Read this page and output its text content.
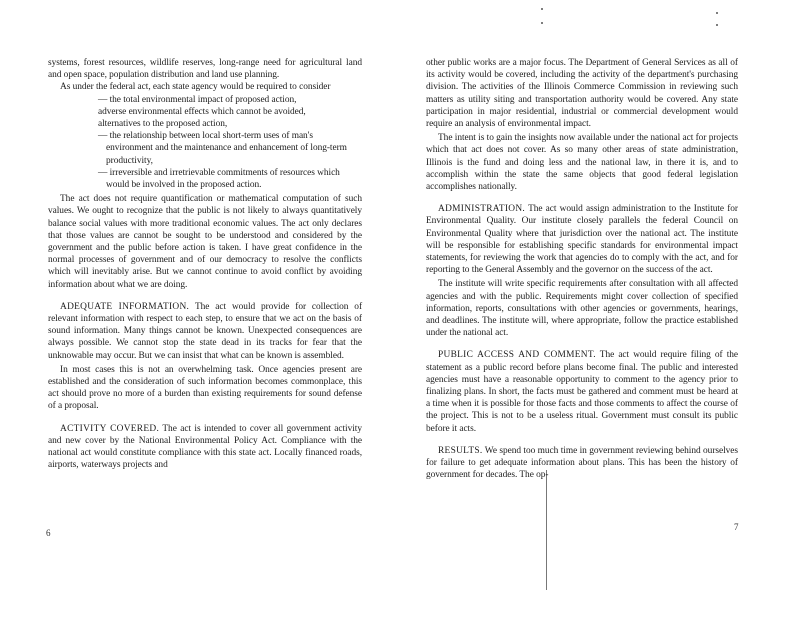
systems, forest resources, wildlife reserves, long-range need for agricultural land and open space, population distribution and land use planning.

As under the federal act, each state agency would be required to consider

— the total environmental impact of proposed action,
adverse environmental effects which cannot be avoided,
alternatives to the proposed action,
— the relationship between local short-term uses of man's environment and the maintenance and enhancement of long-term productivity,
— irreversible and irretrievable commitments of resources which would be involved in the proposed action.

The act does not require quantification or mathematical computation of such values. We ought to recognize that the public is not likely to always quantitatively balance social values with more traditional economic values. The act only declares that those values are cannot be sought to be understood and considered by the government and the public before action is taken. I have great confidence in the normal processes of government and of our democracy to resolve the conflicts which will inevitably arise. But we cannot continue to avoid conflict by avoiding information about what we are doing.

ADEQUATE INFORMATION. The act would provide for collection of relevant information with respect to each step, to ensure that we act on the basis of sound information. Many things cannot be known. Unexpected consequences are always possible. We cannot stop the state dead in its tracks for fear that the unknowable may occur. But we can insist that what can be known is assembled.

In most cases this is not an overwhelming task. Once agencies present are established and the consideration of such information becomes commonplace, this act should prove no more of a burden than existing requirements for sound defense of a proposal.

ACTIVITY COVERED. The act is intended to cover all government activity and new cover by the National Environmental Policy Act. Compliance with the national act would constitute compliance with this state act. Locally financed roads, airports, waterways projects and

6

other public works are a major focus. The Department of General Services as all of its activity would be covered, including the activity of the department's purchasing division. The activities of the Illinois Commerce Commission in reviewing such matters as utility siting and transportation authority would be covered. Any state participation in major residential, industrial or commercial development would require an analysis of environmental impact.

The intent is to gain the insights now available under the national act for projects which that act does not cover. As so many other areas of state administration, Illinois is the fund and doing less and the national law, in there it is, and to accomplish within the state the same objects that good federal legislation accomplishes nationally.

ADMINISTRATION. The act would assign administration to the Institute for Environmental Quality. Our institute closely parallels the federal Council on Environmental Quality where that jurisdiction over the national act. The institute will be responsible for establishing specific standards for environmental impact statements, for reviewing the work that agencies do to comply with the act, and for reporting to the General Assembly and the governor on the success of the act.

The institute will write specific requirements after consultation with all affected agencies and with the public. Requirements might cover collection of specified information, reports, consultations with other agencies or governments, hearings, and deadlines. The institute will, where appropriate, follow the practice established under the national act.

PUBLIC ACCESS AND COMMENT. The act would require filing of the statement as a public record before plans become final. The public and interested agencies must have a reasonable opportunity to comment to the agency prior to finalizing plans. In short, the facts must be gathered and comment must be heard at a time when it is possible for those facts and those comments to affect the course of the project. This is not to be a useless ritual. Government must consult its public before it acts.

RESULTS. We spend too much time in government reviewing behind ourselves for failure to get adequate information about plans. This has been the history of government for decades. The op-

7
